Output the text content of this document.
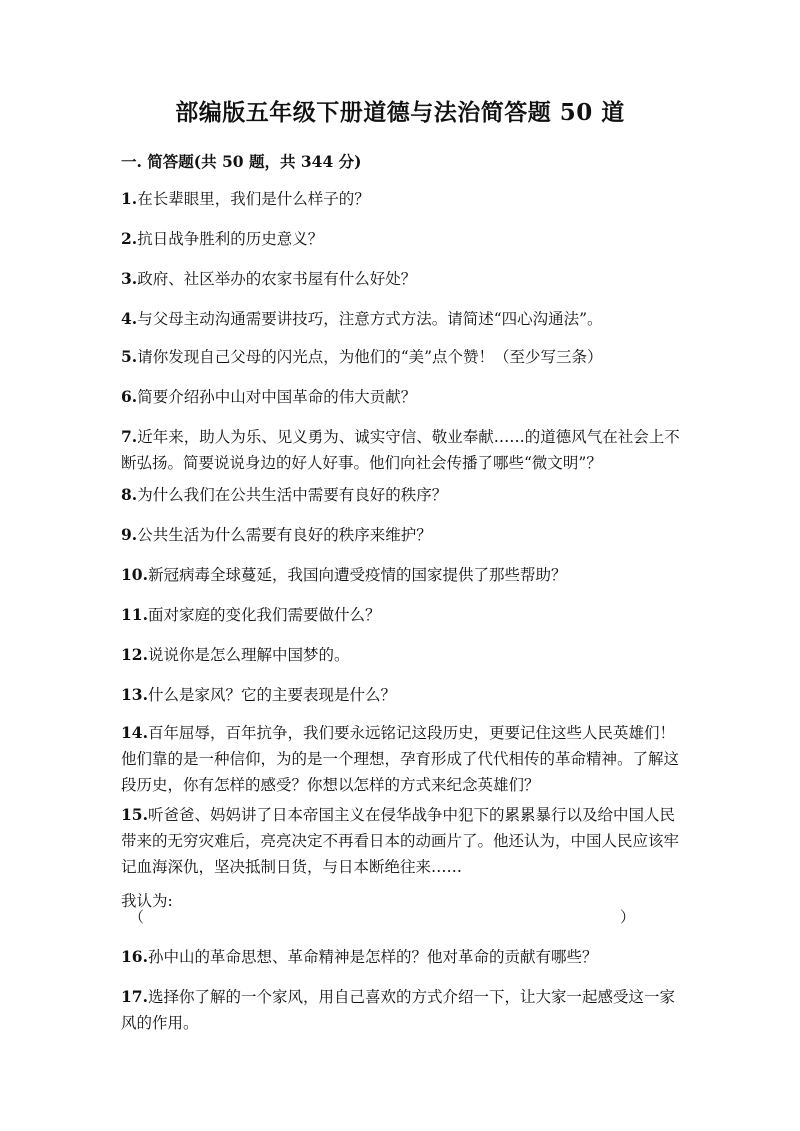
部编版五年级下册道德与法治简答题 50 道
一. 简答题(共 50 题，共 344 分)
1.在长辈眼里，我们是什么样子的？
2.抗日战争胜利的历史意义？
3.政府、社区举办的农家书屋有什么好处？
4.与父母主动沟通需要讲技巧，注意方式方法。请简述“四心沟通法”。
5.请你发现自己父母的闪光点，为他们的“美”点个赞！（至少写三条）
6.简要介绍孙中山对中国革命的伟大贡献？
7.近年来，助人为乐、见义勇为、诚实守信、敬业奉献……的道德风气在社会上不断弘扬。简要说说身边的好人好事。他们向社会传播了哪些“微文明”？
8.为什么我们在公共生活中需要有良好的秩序？
9.公共生活为什么需要有良好的秩序来维护？
10.新冠病毒全球蔓延，我国向遭受疫情的国家提供了那些帮助？
11.面对家庭的变化我们需要做什么？
12.说说你是怎么理解中国梦的。
13.什么是家风？它的主要表现是什么？
14.百年屈辱，百年抗争，我们要永远铭记这段历史，更要记住这些人民英雄们！他们靠的是一种信仰，为的是一个理想，孕育形成了代代相传的革命精神。了解这段历史，你有怎样的感受？你想以怎样的方式来纪念英雄们？
15.听爸爸、妈妈讲了日本帝国主义在侵华战争中犯下的累累暴行以及给中国人民带来的无穷灾难后，亮亮决定不再看日本的动画片了。他还认为，中国人民应该牢记血海深仇，坚决抵制日货，与日本断绝往来……
我认为:
（	）
16.孙中山的革命思想、革命精神是怎样的？他对革命的贡献有哪些？
17.选择你了解的一个家风，用自己喜欢的方式介绍一下，让大家一起感受这一家风的作用。
